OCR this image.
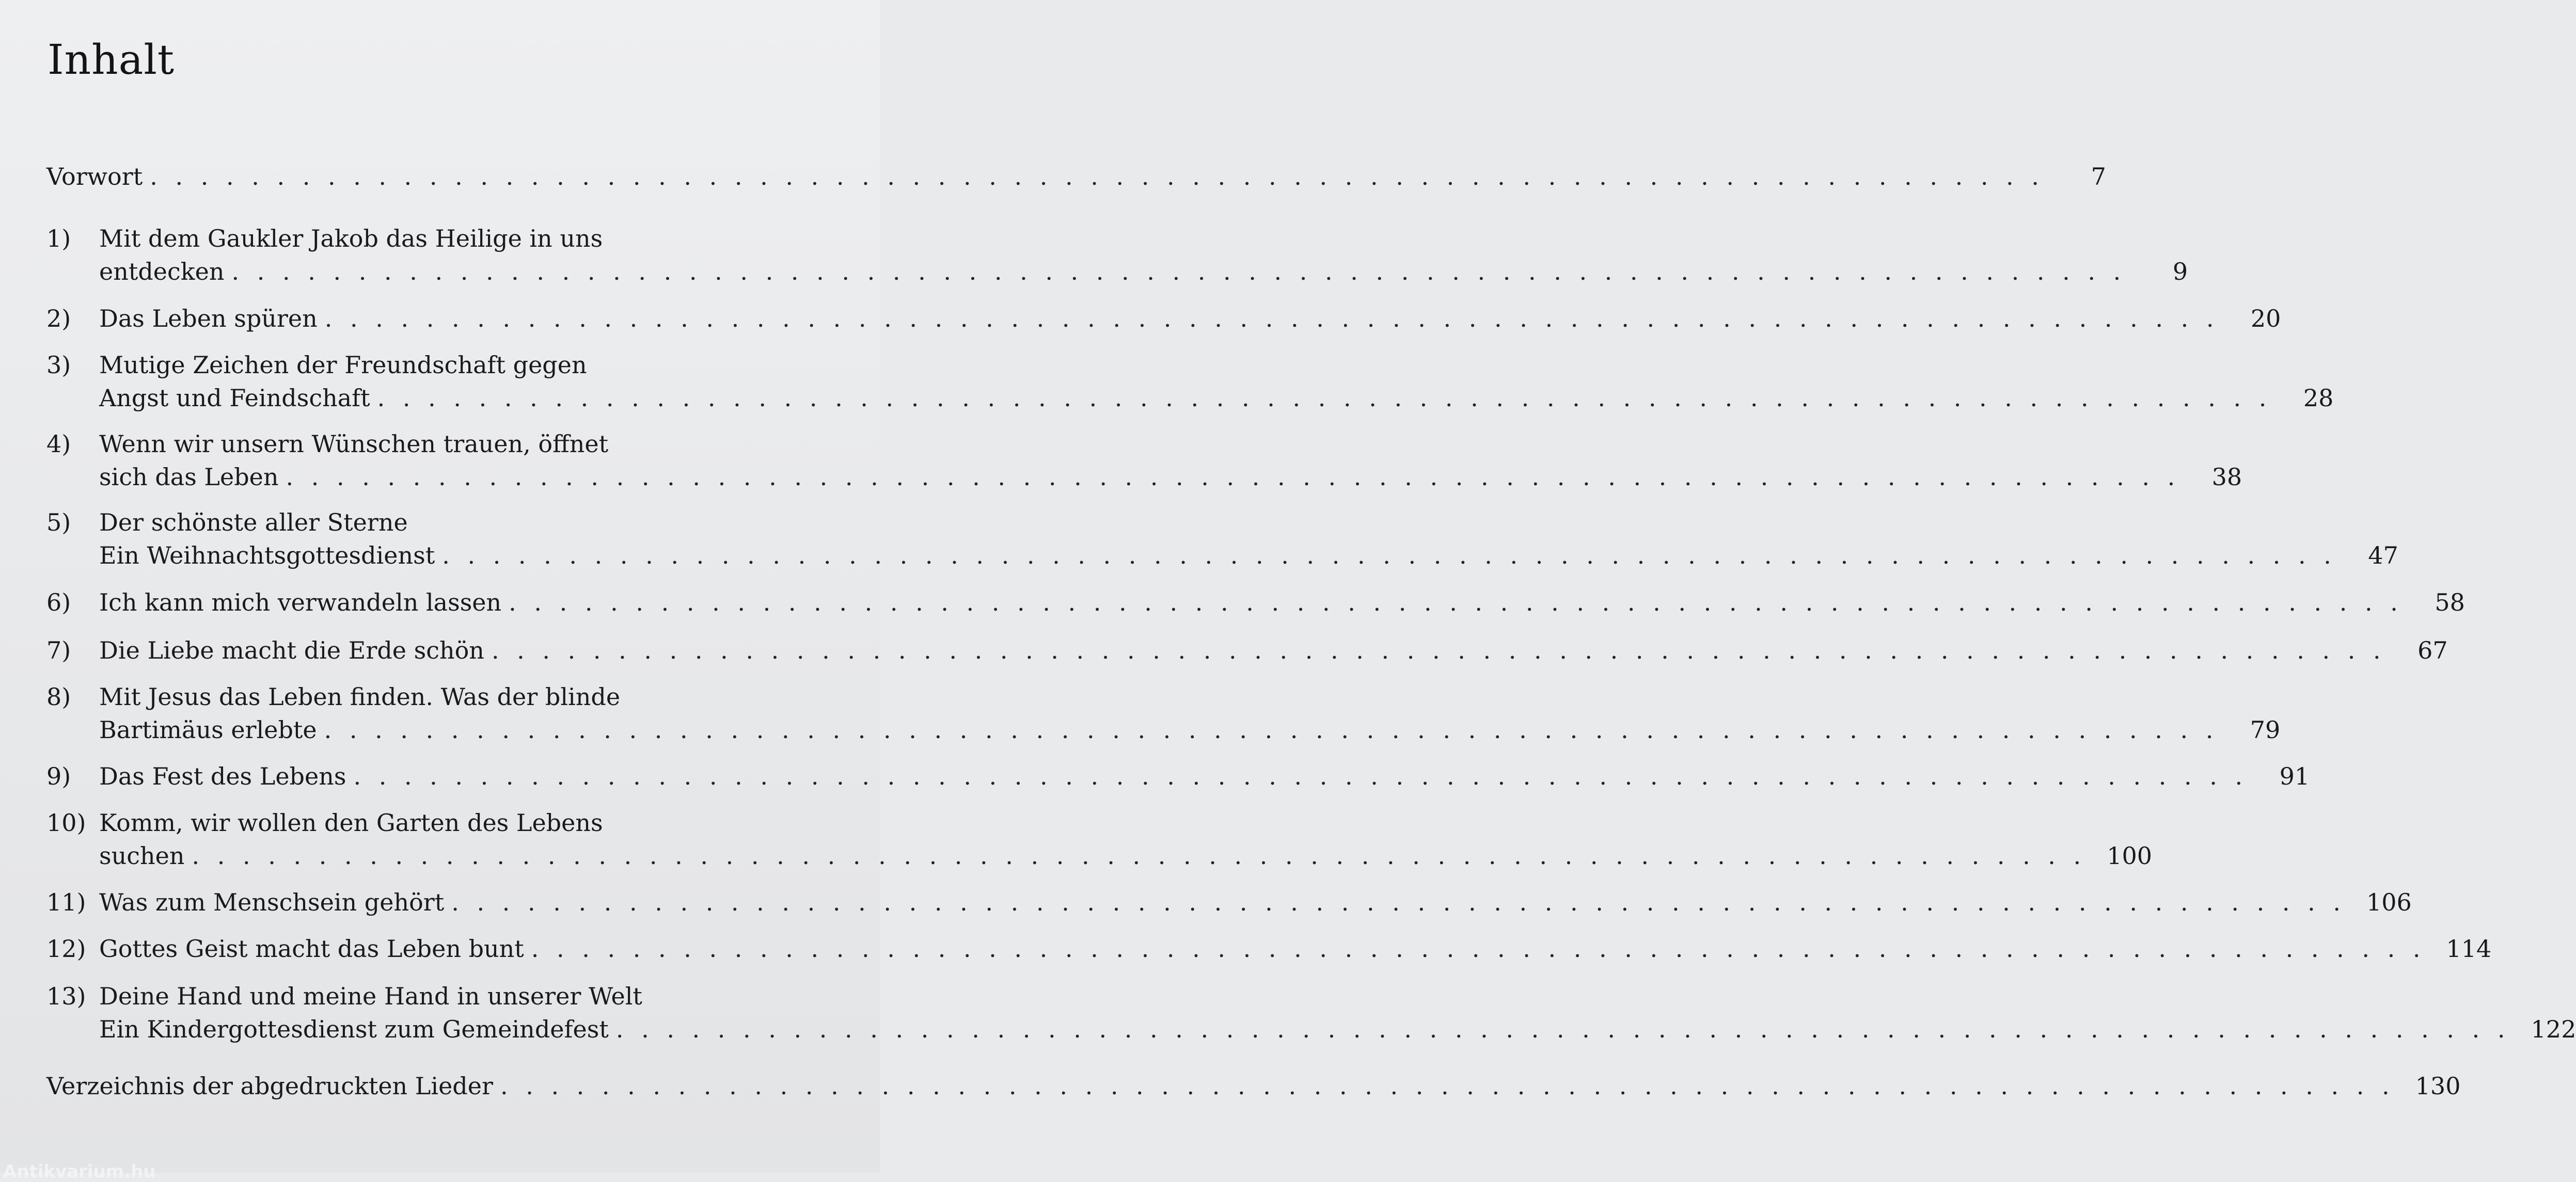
Inhalt
Vorwort . . . . . . . . . . . . . . . . . . . . . . . . . . . . . . . . . . . . . . . . . . . . . . . . . . . . . . . . . . . . . . . . . . . . . . . . . . .	7
1)	Mit dem Gaukler Jakob das Heilige in uns
entdecken . . . . . . . . . . . . . . . . . . . . . . . . . . . . . . . . . . . . . . . . . . . . . . . . . . . . . . . . . . . . . . . . . . . . . . . . . . .	9
2)	Das Leben spüren . . . . . . . . . . . . . . . . . . . . . . . . . . . . . . . . . . . . . . . . . . . . . . . . . . . . . . . . . . . . . . . . . . . . . . . . . . .	20
3)	Mutige Zeichen der Freundschaft gegen
Angst und Feindschaft . . . . . . . . . . . . . . . . . . . . . . . . . . . . . . . . . . . . . . . . . . . . . . . . . . . . . . . . . . . . . . . . . . . . . . . . . . .	28
4)	Wenn wir unsern Wünschen trauen, öffnet
sich das Leben . . . . . . . . . . . . . . . . . . . . . . . . . . . . . . . . . . . . . . . . . . . . . . . . . . . . . . . . . . . . . . . . . . . . . . . . . . .	38
5)	Der schönste aller Sterne
Ein Weihnachtsgottesdienst . . . . . . . . . . . . . . . . . . . . . . . . . . . . . . . . . . . . . . . . . . . . . . . . . . . . . . . . . . . . . . . . . . . . . . . . . . .	47
6)	Ich kann mich verwandeln lassen . . . . . . . . . . . . . . . . . . . . . . . . . . . . . . . . . . . . . . . . . . . . . . . . . . . . . . . . . . . . . . . . . . . . . . . . . . .	58
7)	Die Liebe macht die Erde schön . . . . . . . . . . . . . . . . . . . . . . . . . . . . . . . . . . . . . . . . . . . . . . . . . . . . . . . . . . . . . . . . . . . . . . . . . . .	67
8)	Mit Jesus das Leben finden. Was der blinde
Bartimäus erlebte . . . . . . . . . . . . . . . . . . . . . . . . . . . . . . . . . . . . . . . . . . . . . . . . . . . . . . . . . . . . . . . . . . . . . . . . . . .	79
9)	Das Fest des Lebens . . . . . . . . . . . . . . . . . . . . . . . . . . . . . . . . . . . . . . . . . . . . . . . . . . . . . . . . . . . . . . . . . . . . . . . . . . .	91
10) Komm, wir wollen den Garten des Lebens
suchen . . . . . . . . . . . . . . . . . . . . . . . . . . . . . . . . . . . . . . . . . . . . . . . . . . . . . . . . . . . . . . . . . . . . . . . . . . . 100
11) Was zum Menschsein gehört . . . . . . . . . . . . . . . . . . . . . . . . . . . . . . . . . . . . . . . . . . . . . . . . . . . . . . . . . . . . . . . . . . . . . . . . . . . 106
12) Gottes Geist macht das Leben bunt . . . . . . . . . . . . . . . . . . . . . . . . . . . . . . . . . . . . . . . . . . . . . . . . . . . . . . . . . . . . . . . . . . . . . . . . . . . 114
13) Deine Hand und meine Hand in unserer Welt
Ein Kindergottesdienst zum Gemeindefest . . . . . . . . . . . . . . . . . . . . . . . . . . . . . . . . . . . . . . . . . . . . . . . . . . . . . . . . . . . . . . . . . . . . . . . . . . . 122
Verzeichnis der abgedruckten Lieder . . . . . . . . . . . . . . . . . . . . . . . . . . . . . . . . . . . . . . . . . . . . . . . . . . . . . . . . . . . . . . . . . . . . . . . . . . . 130
Antikvarium.hu
